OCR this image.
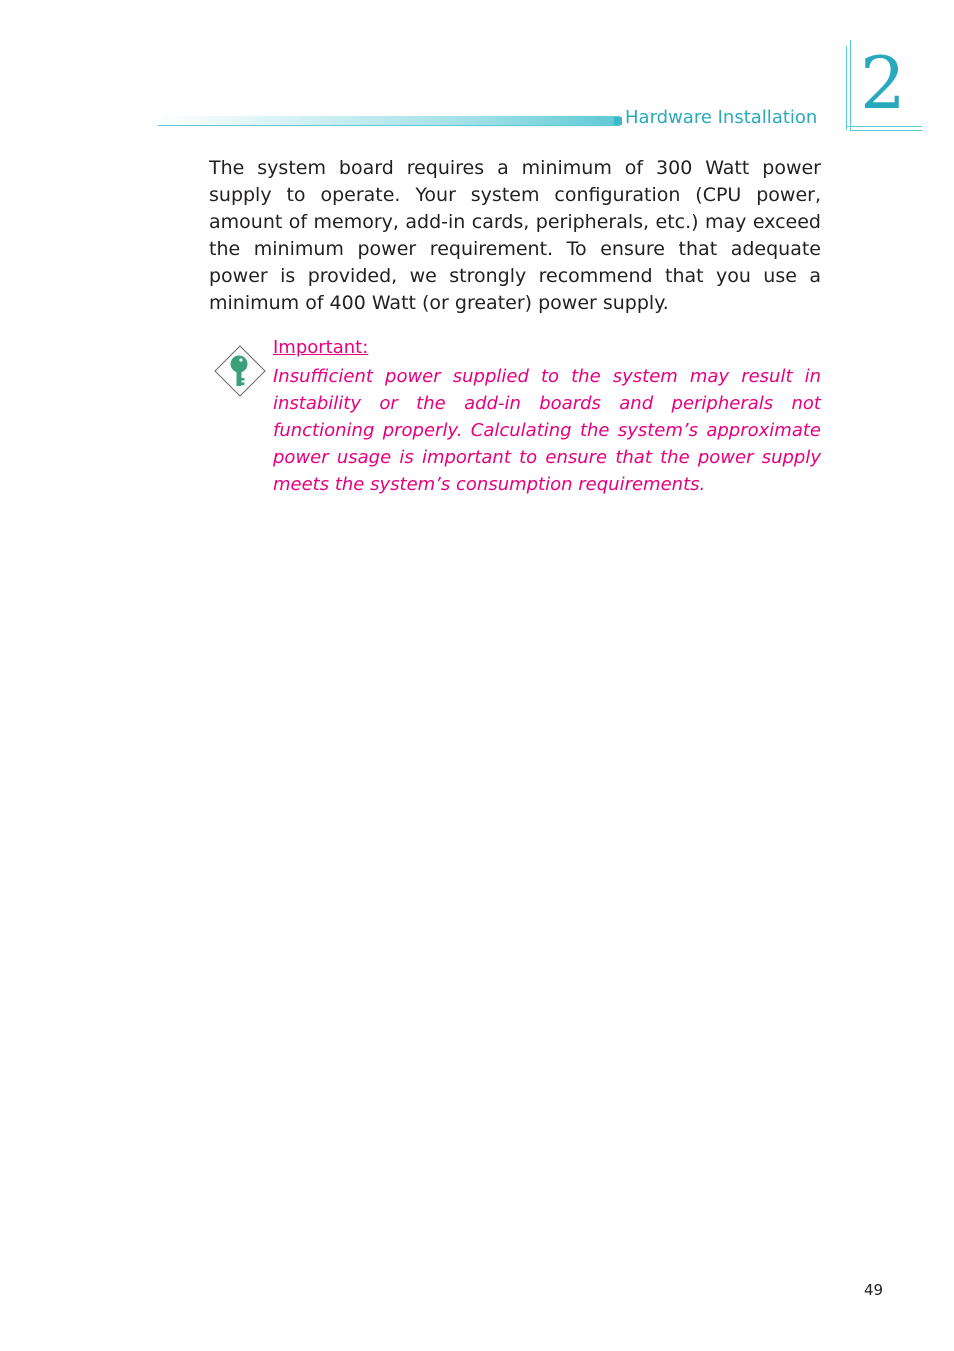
Hardware Installation 2

The system board requires a minimum of 300 Watt power supply to operate. Your system configuration (CPU power, amount of memory, add-in cards, peripherals, etc.) may exceed the minimum power requirement. To ensure that adequate power is provided, we strongly recommend that you use a minimum of 400 Watt (or greater) power supply.

Important:

Insufficient power supplied to the system may result in instability or the add-in boards and peripherals not functioning properly. Calculating the system’s approximate power usage is important to ensure that the power supply meets the system’s consumption requirements.

49
